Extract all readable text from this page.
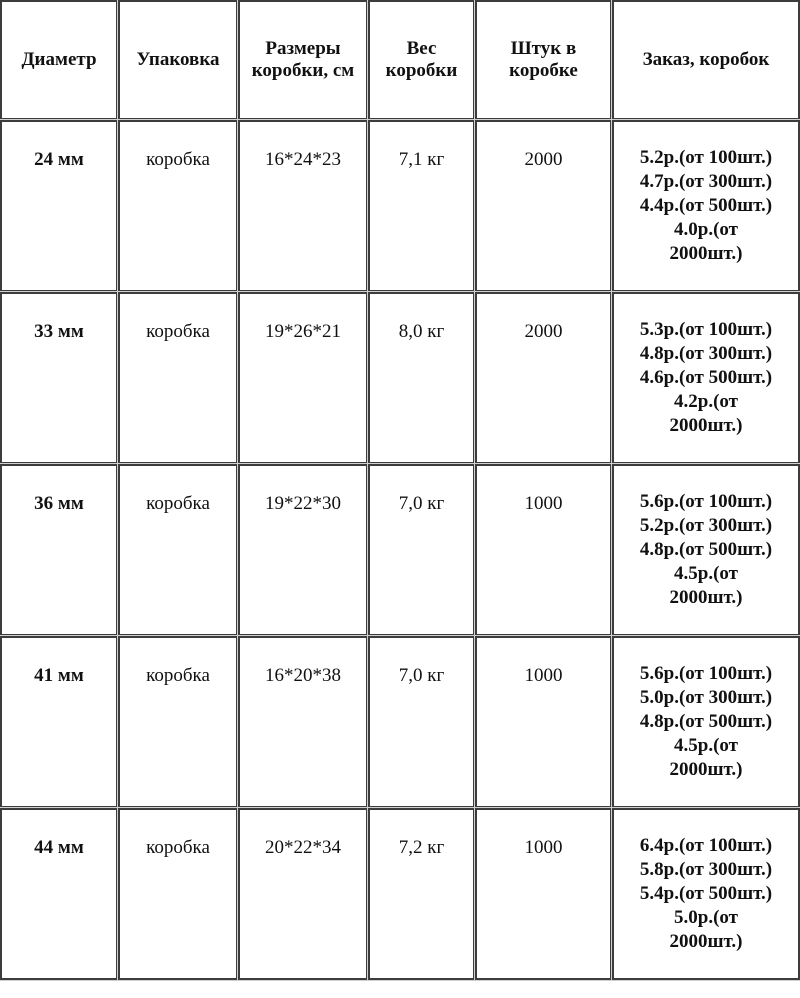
Диаметр	Упаковка	Размеры коробки, см	Вес коробки	Штук в коробке	Заказ, коробок
24 мм	коробка	16*24*23	7,1 кг	2000	5.2р.(от 100шт.)
4.7р.(от 300шт.)
4.4р.(от 500шт.)
4.0р.(от
2000шт.)

33 мм	коробка	19*26*21	8,0 кг	2000	5.3р.(от 100шт.)
4.8р.(от 300шт.)
4.6р.(от 500шт.)
4.2р.(от
2000шт.)

36 мм	коробка	19*22*30	7,0 кг	1000	5.6р.(от 100шт.)
5.2р.(от 300шт.)
4.8р.(от 500шт.)
4.5р.(от
2000шт.)

41 мм	коробка	16*20*38	7,0 кг	1000	5.6р.(от 100шт.)
5.0р.(от 300шт.)
4.8р.(от 500шт.)
4.5р.(от
2000шт.)

44 мм	коробка	20*22*34	7,2 кг	1000	6.4р.(от 100шт.)
5.8р.(от 300шт.)
5.4р.(от 500шт.)
5.0р.(от
2000шт.)
